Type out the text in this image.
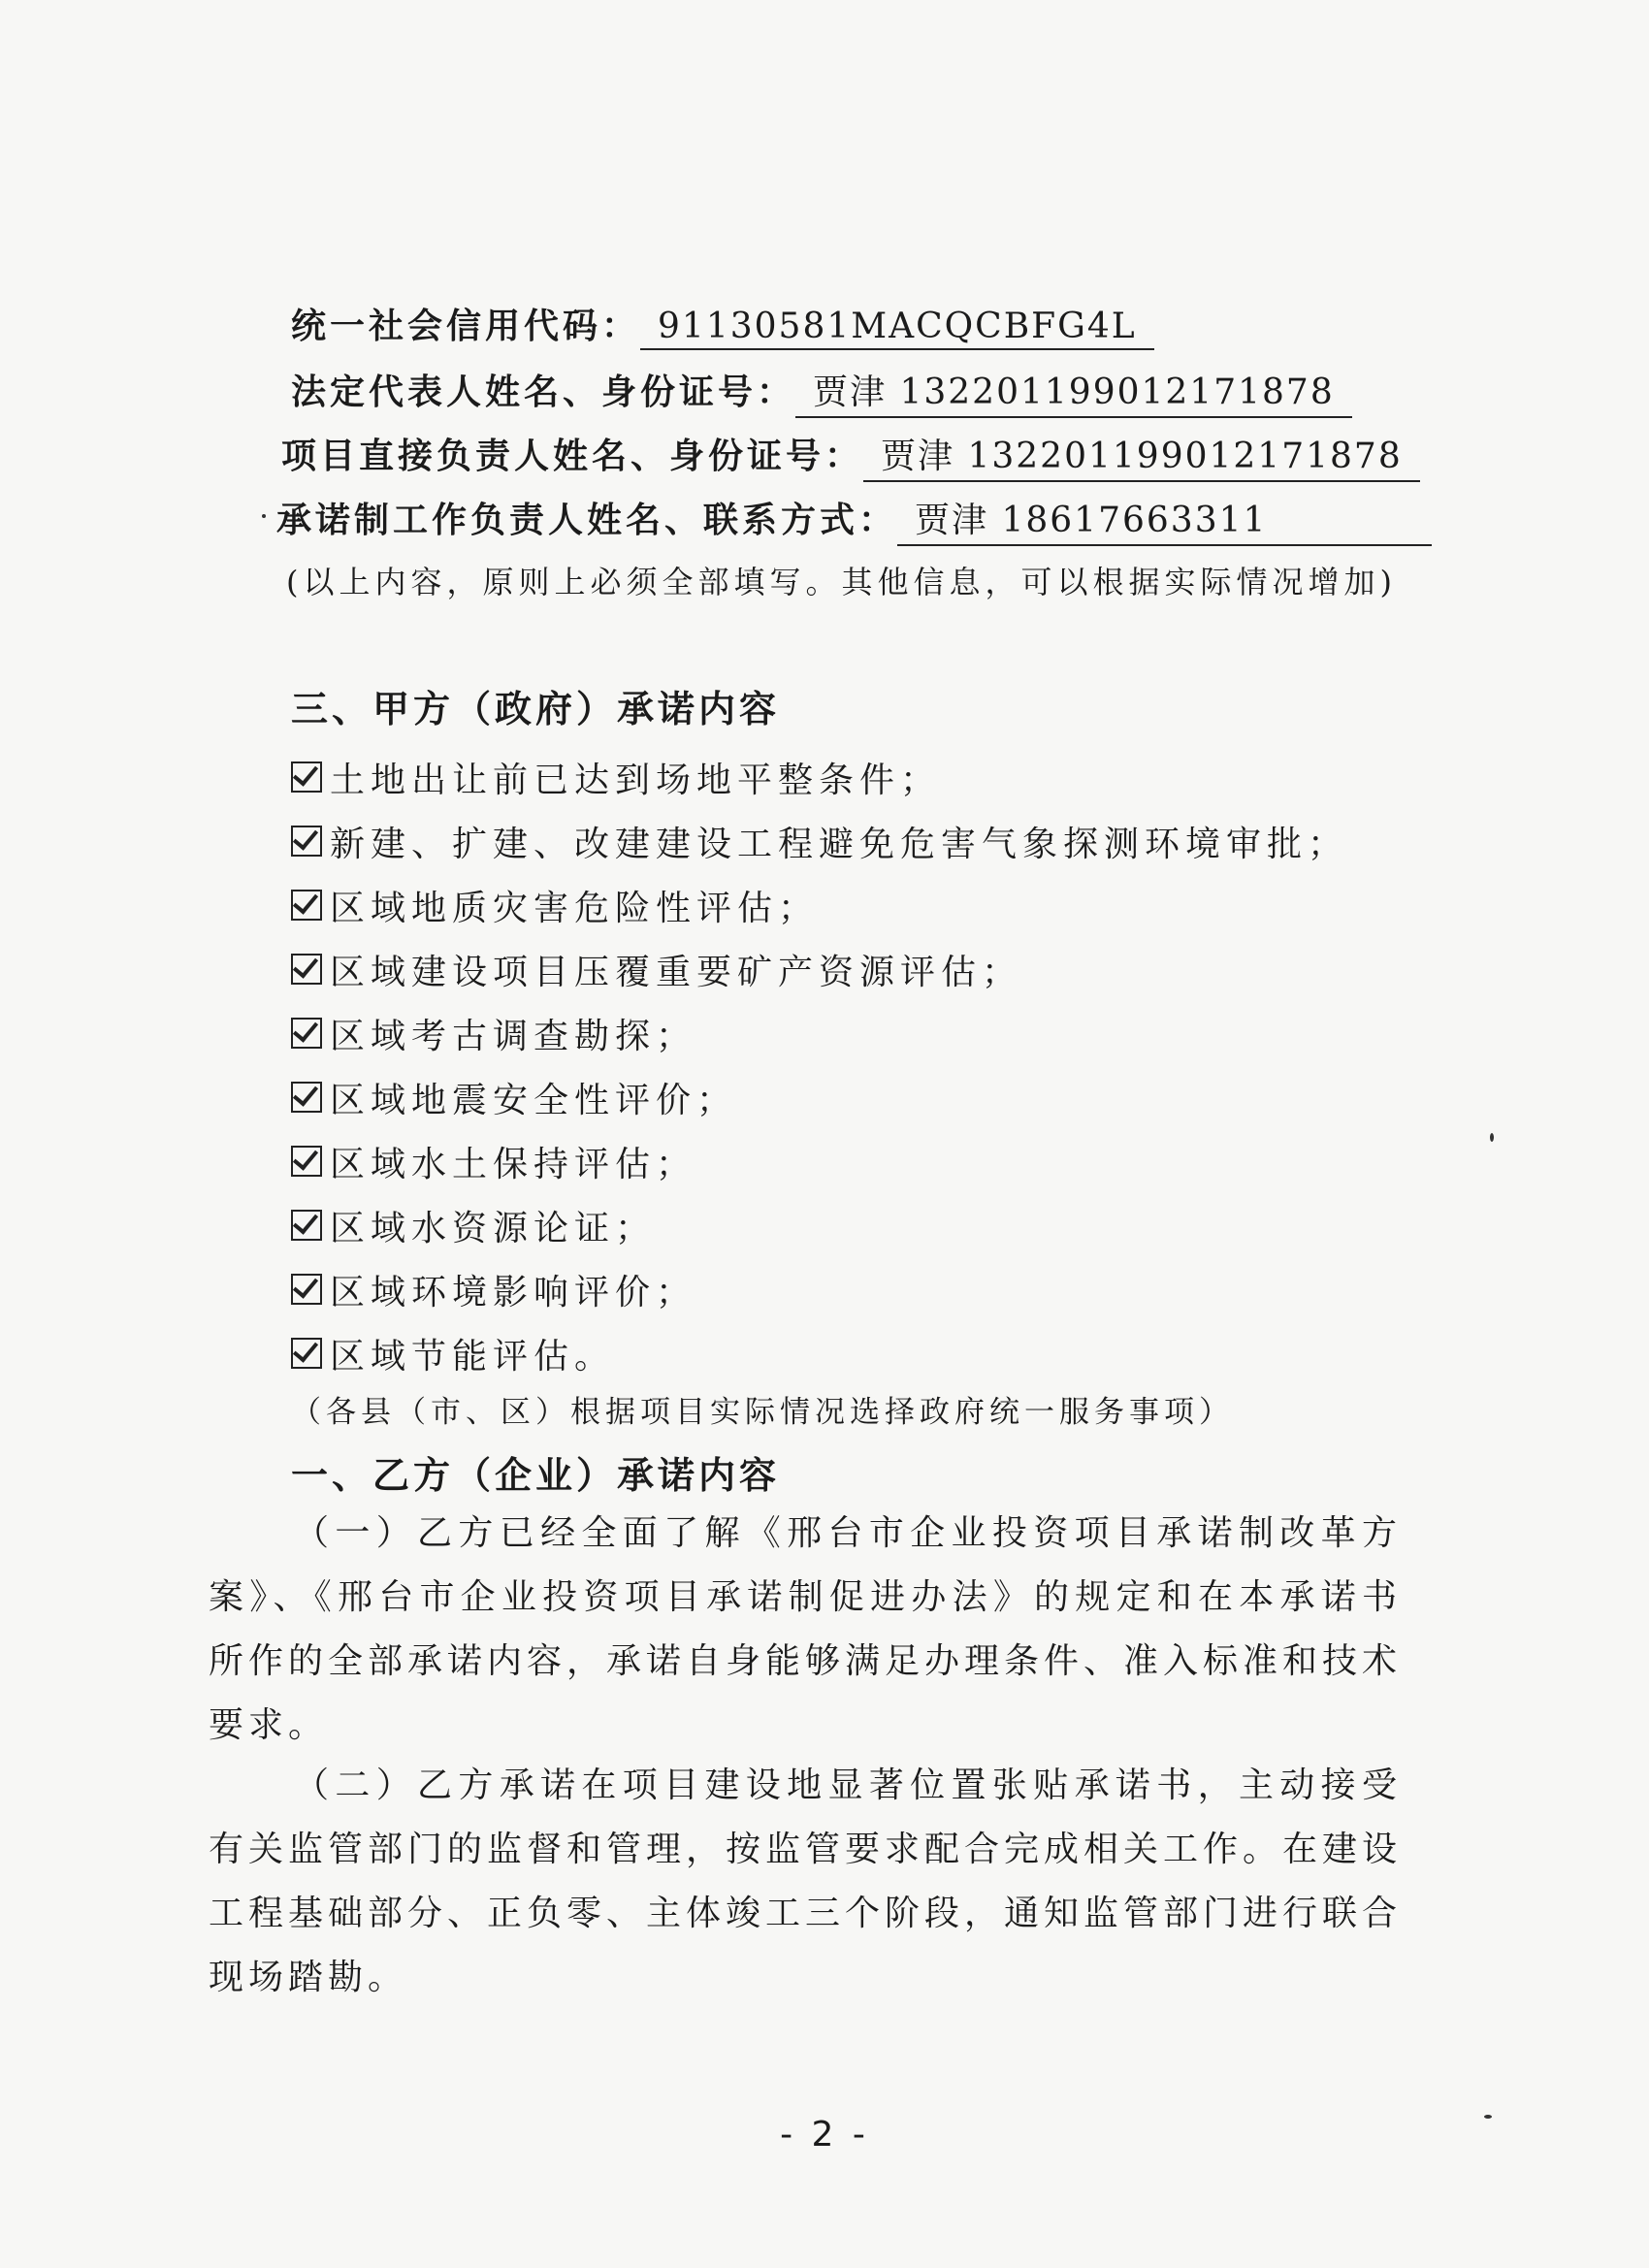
统一社会信用代码： 91130581MACQCBFG4L
法定代表人姓名、身份证号： 贾津 132201199012171878
项目直接负责人姓名、身份证号： 贾津 132201199012171878
承诺制工作负责人姓名、联系方式： 贾津 18617663311
(以上内容，原则上必须全部填写。其他信息，可以根据实际情况增加)
三、甲方（政府）承诺内容
土地出让前已达到场地平整条件；
新建、扩建、改建建设工程避免危害气象探测环境审批；
区域地质灾害危险性评估；
区域建设项目压覆重要矿产资源评估；
区域考古调查勘探；
区域地震安全性评价；
区域水土保持评估；
区域水资源论证；
区域环境影响评价；
区域节能评估。
（各县（市、区）根据项目实际情况选择政府统一服务事项）
一、乙方（企业）承诺内容
（一）乙方已经全面了解《邢台市企业投资项目承诺制改革方案》、《邢台市企业投资项目承诺制促进办法》的规定和在本承诺书所作的全部承诺内容，承诺自身能够满足办理条件、准入标准和技术要求。
（二）乙方承诺在项目建设地显著位置张贴承诺书，主动接受有关监管部门的监督和管理，按监管要求配合完成相关工作。在建设工程基础部分、正负零、主体竣工三个阶段，通知监管部门进行联合现场踏勘。
- 2 -
